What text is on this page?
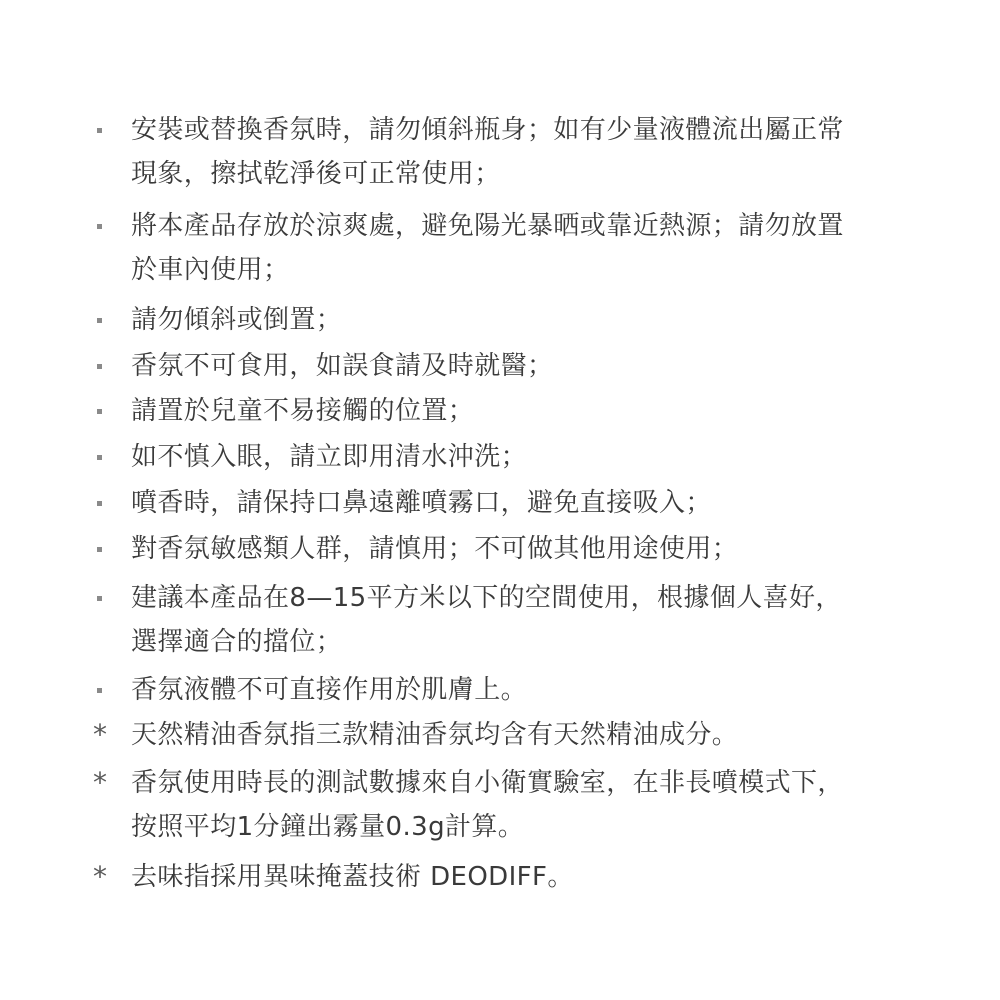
安裝或替換香氛時，請勿傾斜瓶身；如有少量液體流出屬正常現象，擦拭乾淨後可正常使用；
將本產品存放於涼爽處，避免陽光暴晒或靠近熱源；請勿放置於車內使用；
請勿傾斜或倒置；
香氛不可食用，如誤食請及時就醫；
請置於兒童不易接觸的位置；
如不慎入眼，請立即用清水沖洗；
噴香時，請保持口鼻遠離噴霧口，避免直接吸入；
對香氛敏感類人群，請慎用；不可做其他用途使用；
建議本產品在8—15平方米以下的空間使用，根據個人喜好，選擇適合的擋位；
香氛液體不可直接作用於肌膚上。
* 天然精油香氛指三款精油香氛均含有天然精油成分。
* 香氛使用時長的測試數據來自小衛實驗室，在非長噴模式下，按照平均1分鐘出霧量0.3g計算。
* 去味指採用異味掩蓋技術 DEODIFF。
